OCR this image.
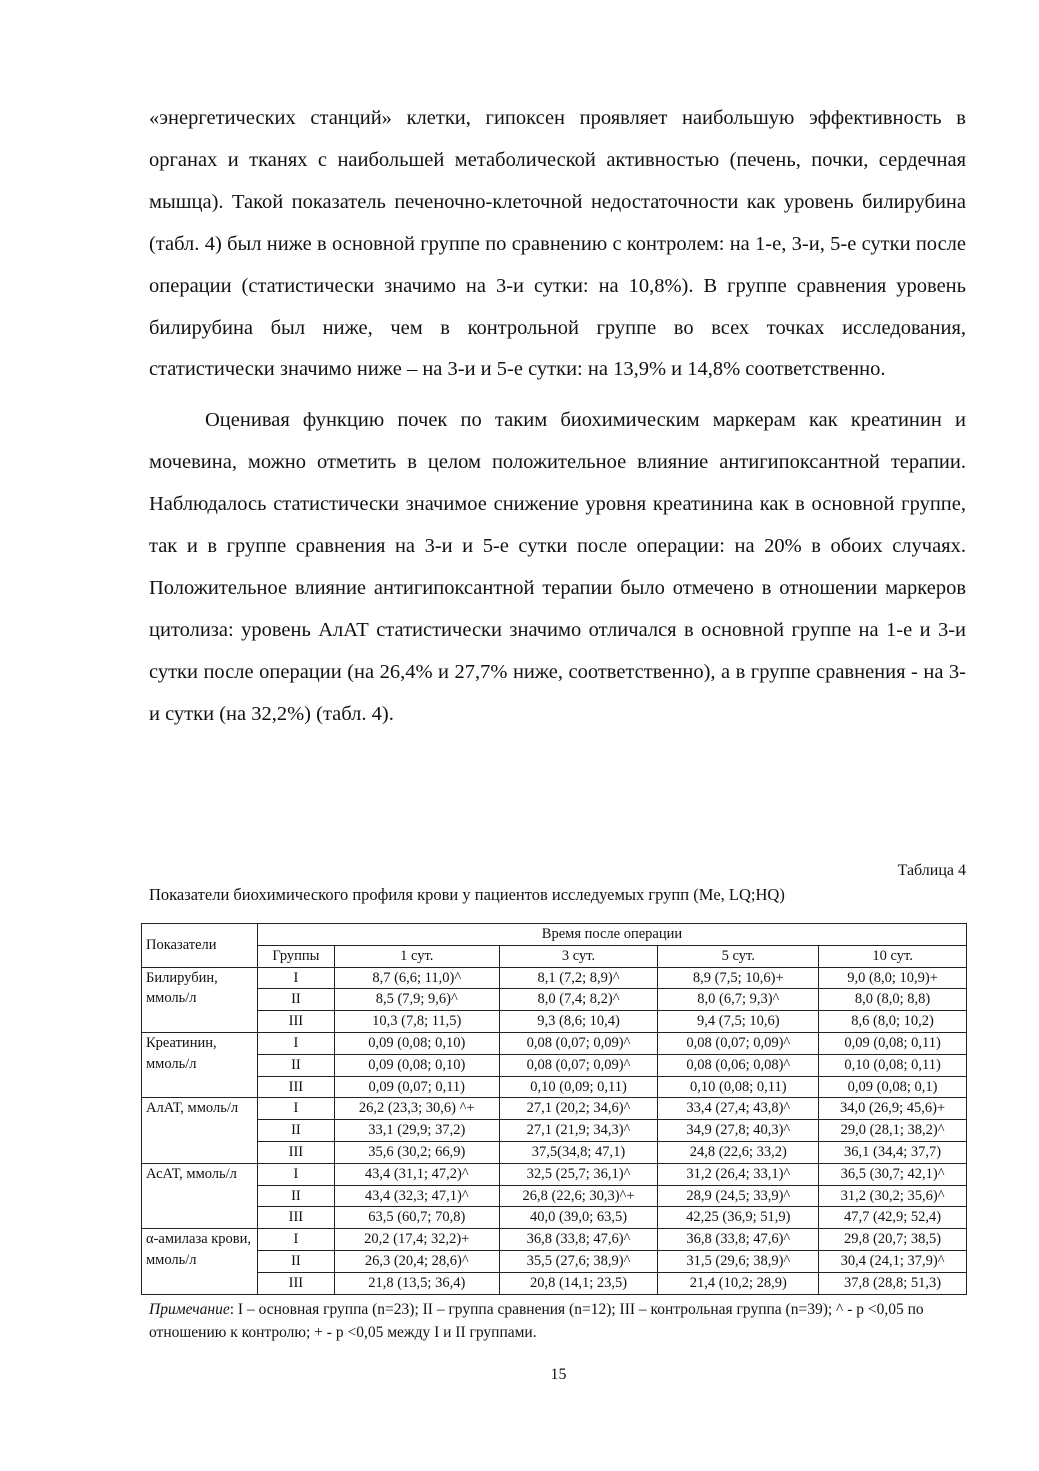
«энергетических станций» клетки, гипоксен проявляет наибольшую эффективность в органах и тканях с наибольшей метаболической активностью (печень, почки, сердечная мышца). Такой показатель печеночно-клеточной недостаточности как уровень билирубина (табл. 4) был ниже в основной группе по сравнению с контролем: на 1-е, 3-и, 5-е сутки после операции (статистически значимо на 3-и сутки: на 10,8%). В группе сравнения уровень билирубина был ниже, чем в контрольной группе во всех точках исследования, статистически значимо ниже – на 3-и и 5-е сутки: на 13,9% и 14,8% соответственно.

Оценивая функцию почек по таким биохимическим маркерам как креатинин и мочевина, можно отметить в целом положительное влияние антигипоксантной терапии. Наблюдалось статистически значимое снижение уровня креатинина как в основной группе, так и в группе сравнения на 3-и и 5-е сутки после операции: на 20% в обоих случаях. Положительное влияние антигипоксантной терапии было отмечено в отношении маркеров цитолиза: уровень АлАТ статистически значимо отличался в основной группе на 1-е и 3-и сутки после операции (на 26,4% и 27,7% ниже, соответственно), а в группе сравнения - на 3-и сутки (на 32,2%) (табл. 4).

Таблица 4
Показатели биохимического профиля крови у пациентов исследуемых групп (Me, LQ;HQ)
Показатели	Время после операции				
	Группы	1 сут.	3 сут.	5 сут.	10 сут.
Билирубин, ммоль/л	I	8,7 (6,6; 11,0)^	8,1 (7,2; 8,9)^	8,9 (7,5; 10,6)+	9,0 (8,0; 10,9)+
	II	8,5 (7,9; 9,6)^	8,0 (7,4; 8,2)^	8,0 (6,7; 9,3)^	8,0 (8,0; 8,8)
	III	10,3 (7,8; 11,5)	9,3 (8,6; 10,4)	9,4 (7,5; 10,6)	8,6 (8,0; 10,2)
Креатинин, ммоль/л	I	0,09 (0,08; 0,10)	0,08 (0,07; 0,09)^	0,08 (0,07; 0,09)^	0,09 (0,08; 0,11)
	II	0,09 (0,08; 0,10)	0,08 (0,07; 0,09)^	0,08 (0,06; 0,08)^	0,10 (0,08; 0,11)
	III	0,09 (0,07; 0,11)	0,10 (0,09; 0,11)	0,10 (0,08; 0,11)	0,09 (0,08; 0,1)
АлАТ, ммоль/л	I	26,2 (23,3; 30,6) ^+	27,1 (20,2; 34,6)^	33,4 (27,4; 43,8)^	34,0 (26,9; 45,6)+
	II	33,1 (29,9; 37,2)	27,1 (21,9; 34,3)^	34,9 (27,8; 40,3)^	29,0 (28,1; 38,2)^
	III	35,6 (30,2; 66,9)	37,5(34,8; 47,1)	24,8 (22,6; 33,2)	36,1 (34,4; 37,7)
АсАТ, ммоль/л	I	43,4 (31,1; 47,2)^	32,5 (25,7; 36,1)^	31,2 (26,4; 33,1)^	36,5 (30,7; 42,1)^
	II	43,4 (32,3; 47,1)^	26,8 (22,6; 30,3)^+	28,9 (24,5; 33,9)^	31,2 (30,2; 35,6)^
	III	63,5 (60,7; 70,8)	40,0 (39,0; 63,5)	42,25 (36,9; 51,9)	47,7 (42,9; 52,4)
α-амилаза крови, ммоль/л	I	20,2 (17,4; 32,2)+	36,8 (33,8; 47,6)^	36,8 (33,8; 47,6)^	29,8 (20,7; 38,5)
	II	26,3 (20,4; 28,6)^	35,5 (27,6; 38,9)^	31,5 (29,6; 38,9)^	30,4 (24,1; 37,9)^
	III	21,8 (13,5; 36,4)	20,8 (14,1; 23,5)	21,4 (10,2; 28,9)	37,8 (28,8; 51,3)

Примечание: I – основная группа (n=23); II – группа сравнения (n=12); III – контрольная группа (n=39); ^ - p <0,05 по отношению к контролю; + - p <0,05 между I и II группами.

15
